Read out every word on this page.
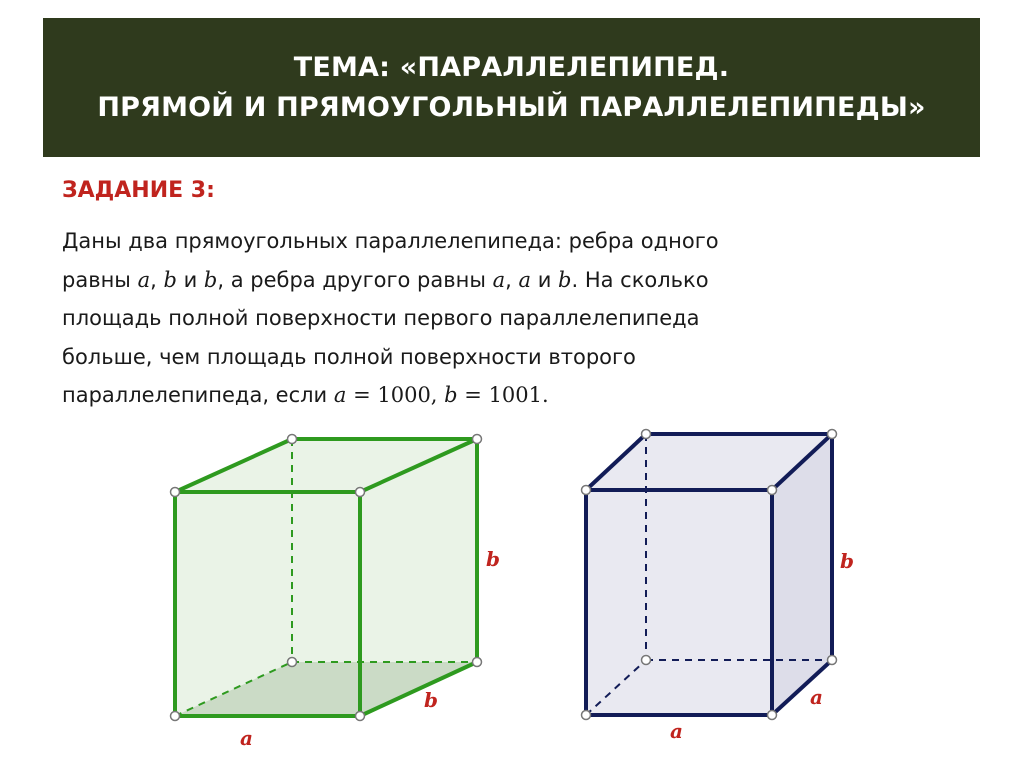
ТЕМА: «ПАРАЛЛЕЛЕПИПЕД.
ПРЯМОЙ И ПРЯМОУГОЛЬНЫЙ ПАРАЛЛЕЛЕПИПЕДЫ»
ЗАДАНИЕ 3:
Даны два прямоугольных параллелепипеда: ребра одного
равны a, b и b, а ребра другого равны a, a и b. На сколько
площадь полной поверхности первого параллелепипеда
больше, чем площадь полной поверхности второго
параллелепипеда, если a = 1000, b = 1001.
b
b
a
b
a
a
